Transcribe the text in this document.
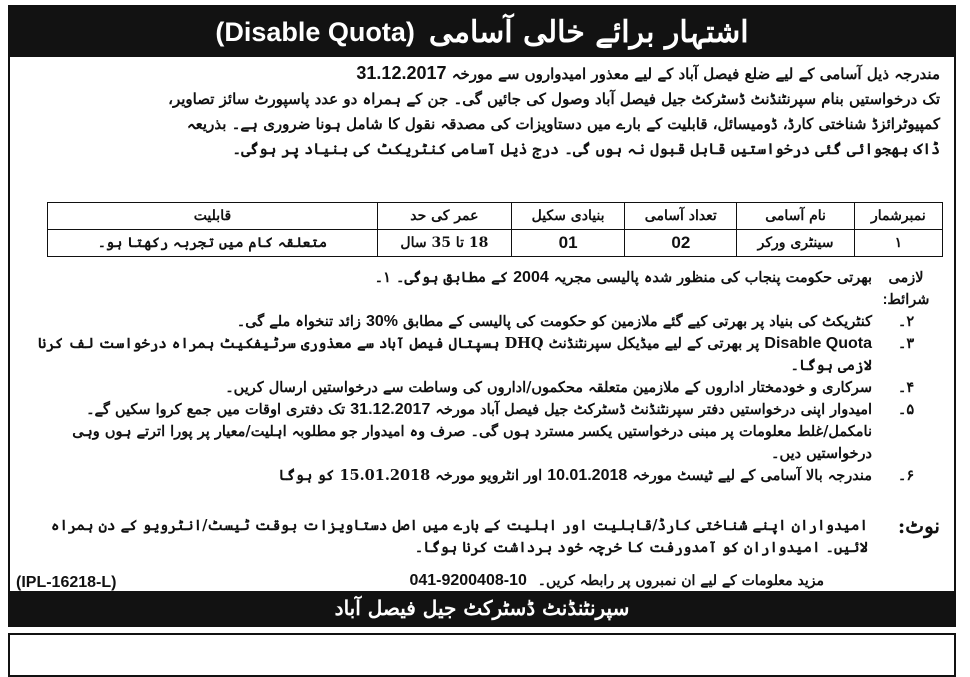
اشتہار برائے خالی آسامی
(Disable Quota)

مندرجہ ذیل آسامی کے لیے ضلع فیصل آباد کے لیے معذور امیدواروں سے مورخہ 31.12.2017

تک درخواستیں بنام سپرنٹنڈنٹ ڈسٹرکٹ جیل فیصل آباد وصول کی جائیں گی۔ جن کے ہمراہ دو عدد پاسپورٹ سائز تصاویر،

کمپیوٹرائزڈ شناختی کارڈ، ڈومیسائل، قابلیت کے بارے میں دستاویزات کی مصدقہ نقول کا شامل ہونا ضروری ہے۔ بذریعہ

ڈاک بھجوائی گئی درخواستیں قابل قبول نہ ہوں گی۔ درج ذیل آسامی کنٹریکٹ کی بنیاد پر ہوگی۔

نمبرشمار	نام آسامی	تعداد آسامی	بنیادی سکیل	عمر کی حد	قابلیت
۱	سینٹری ورکر	02	01	18 تا 35 سال	متعلقہ کام میں تجربہ رکھتا ہو۔
لازمی شرائط:
بھرتی حکومت پنجاب کی منظور شدہ پالیسی مجریہ 2004 کے مطابق ہوگی۔ ۱۔
۲۔
کنٹریکٹ کی بنیاد پر بھرتی کیے گئے ملازمین کو حکومت کی پالیسی کے مطابق 30% زائد تنخواہ ملے گی۔
۳۔
Disable Quota پر بھرتی کے لیے میڈیکل سپرنٹنڈنٹ DHQ ہسپتال فیصل آباد سے معذوری سرٹیفکیٹ ہمراہ درخواست لف کرنا لازمی ہوگا۔
۴۔
سرکاری و خودمختار اداروں کے ملازمین متعلقہ محکموں/اداروں کی وساطت سے درخواستیں ارسال کریں۔
۵۔
امیدوار اپنی درخواستیں دفتر سپرنٹنڈنٹ ڈسٹرکٹ جیل فیصل آباد مورخہ 31.12.2017 تک دفتری اوقات میں جمع کروا سکیں گے۔ نامکمل/غلط معلومات پر مبنی درخواستیں یکسر مسترد ہوں گی۔ صرف وہ امیدوار جو مطلوبہ اہلیت/معیار پر پورا اترتے ہوں وہی درخواستیں دیں۔
۶۔
مندرجہ بالا آسامی کے لیے ٹیسٹ مورخہ 10.01.2018 اور انٹرویو مورخہ 15.01.2018 کو ہوگا
نوٹ:
امیدواران اپنے شناختی کارڈ/قابلیت اور اہلیت کے بارے میں اصل دستاویزات بوقت ٹیسٹ/انٹرویو کے دن ہمراہ لائیں۔ امیدواران کو آمدورفت کا خرچہ خود برداشت کرنا ہوگا۔
مزید معلومات کے لیے ان نمبروں پر رابطہ کریں۔ 041-9200408-10
(IPL-16218-L)
سپرنٹنڈنٹ ڈسٹرکٹ جیل فیصل آباد
